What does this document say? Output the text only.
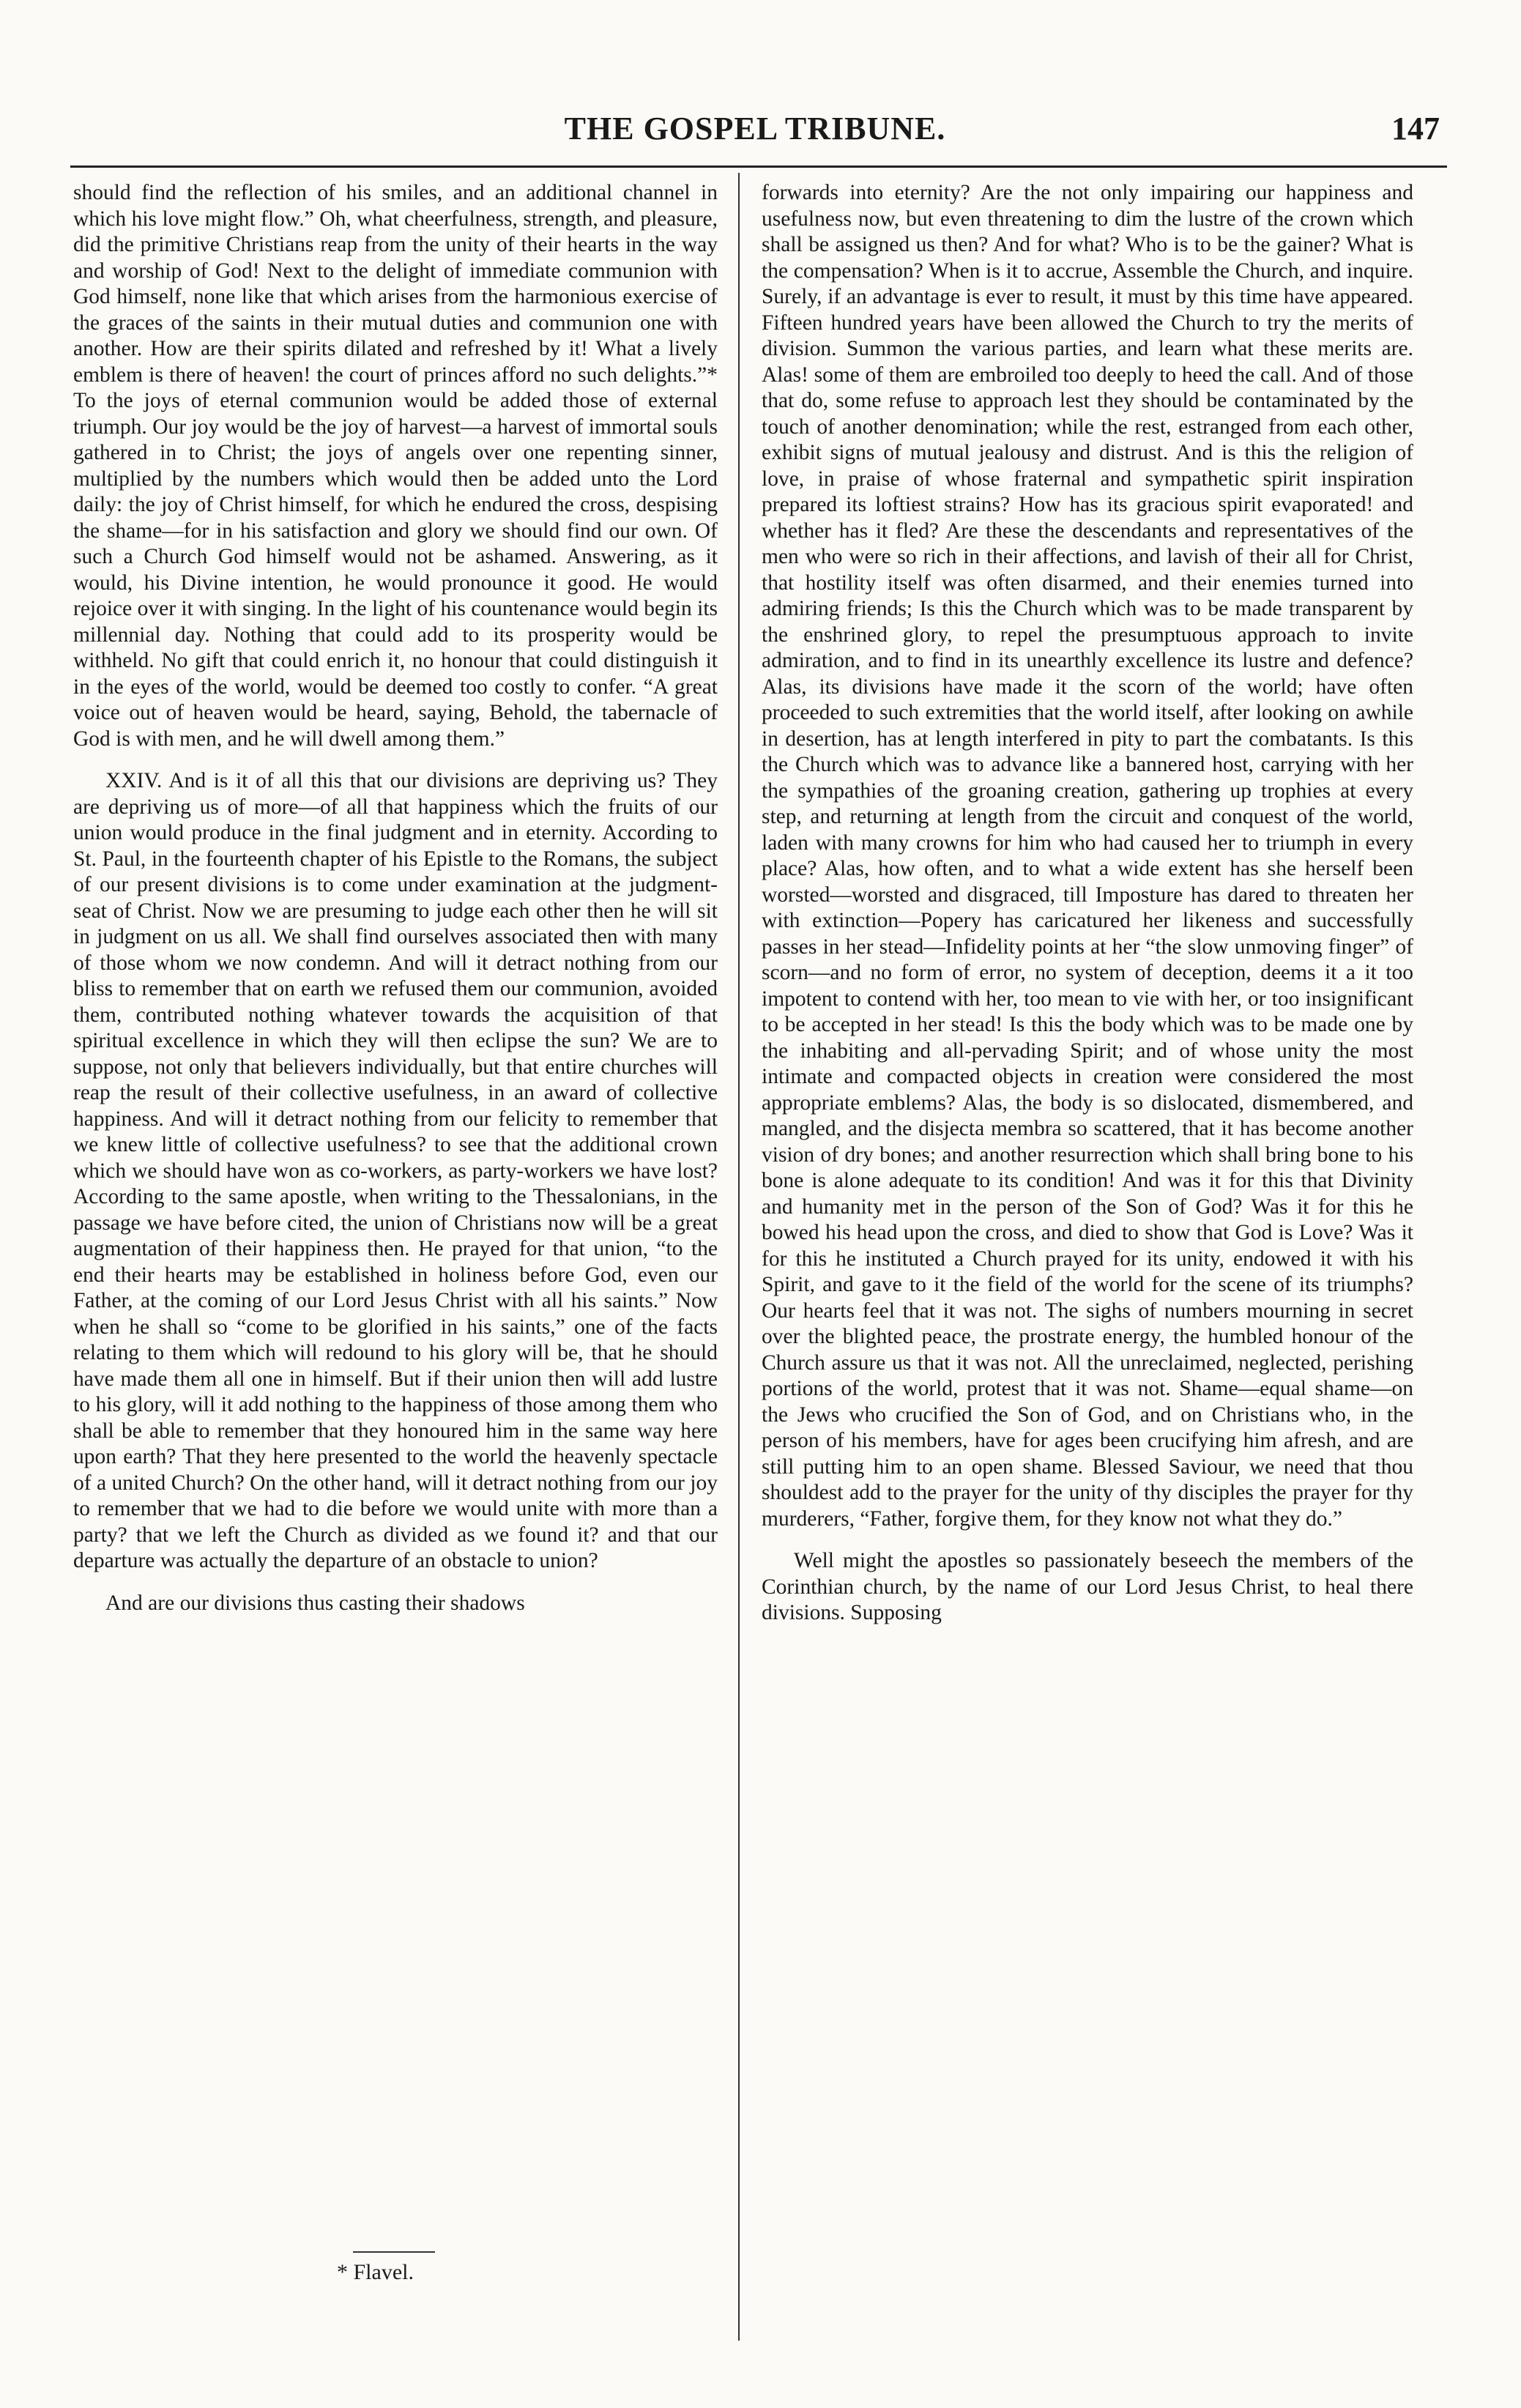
THE GOSPEL TRIBUNE.	147

should find the reflection of his smiles, and an additional channel in which his love might flow.” Oh, what cheerfulness, strength, and pleasure, did the primitive Christians reap from the unity of their hearts in the way and worship of God! Next to the delight of immediate communion with God himself, none like that which arises from the harmonious exercise of the graces of the saints in their mutual duties and communion one with another. How are their spirits dilated and refreshed by it! What a lively emblem is there of heaven! the court of princes afford no such delights.”* To the joys of eternal communion would be added those of external triumph. Our joy would be the joy of harvest—a harvest of immortal souls gathered in to Christ; the joys of angels over one repenting sinner, multiplied by the numbers which would then be added unto the Lord daily: the joy of Christ himself, for which he endured the cross, despising the shame—for in his satisfaction and glory we should find our own. Of such a Church God himself would not be ashamed. Answering, as it would, his Divine intention, he would pronounce it good. He would rejoice over it with singing. In the light of his countenance would begin its millennial day. Nothing that could add to its prosperity would be withheld. No gift that could enrich it, no honour that could distinguish it in the eyes of the world, would be deemed too costly to confer. “A great voice out of heaven would be heard, saying, Behold, the tabernacle of God is with men, and he will dwell among them.”

XXIV. And is it of all this that our divisions are depriving us? They are depriving us of more—of all that happiness which the fruits of our union would produce in the final judgment and in eternity. According to St. Paul, in the fourteenth chapter of his Epistle to the Romans, the subject of our present divisions is to come under examination at the judgment-seat of Christ. Now we are presuming to judge each other then he will sit in judgment on us all. We shall find ourselves associated then with many of those whom we now condemn. And will it detract nothing from our bliss to remember that on earth we refused them our communion, avoided them, contributed nothing whatever towards the acquisition of that spiritual excellence in which they will then eclipse the sun? We are to suppose, not only that believers individually, but that entire churches will reap the result of their collective usefulness, in an award of collective happiness. And will it detract nothing from our felicity to remember that we knew little of collective usefulness? to see that the additional crown which we should have won as co-workers, as party-workers we have lost? According to the same apostle, when writing to the Thessalonians, in the passage we have before cited, the union of Christians now will be a great augmentation of their happiness then. He prayed for that union, “to the end their hearts may be established in holiness before God, even our Father, at the coming of our Lord Jesus Christ with all his saints.” Now when he shall so “come to be glorified in his saints,” one of the facts relating to them which will redound to his glory will be, that he should have made them all one in himself. But if their union then will add lustre to his glory, will it add nothing to the happiness of those among them who shall be able to remember that they honoured him in the same way here upon earth? That they here presented to the world the heavenly spectacle of a united Church? On the other hand, will it detract nothing from our joy to remember that we had to die before we would unite with more than a party? that we left the Church as divided as we found it? and that our departure was actually the departure of an obstacle to union?

And are our divisions thus casting their shadows

forwards into eternity? Are the not only impairing our happiness and usefulness now, but even threatening to dim the lustre of the crown which shall be assigned us then? And for what? Who is to be the gainer? What is the compensation? When is it to accrue, Assemble the Church, and inquire. Surely, if an advantage is ever to result, it must by this time have appeared. Fifteen hundred years have been allowed the Church to try the merits of division. Summon the various parties, and learn what these merits are. Alas! some of them are embroiled too deeply to heed the call. And of those that do, some refuse to approach lest they should be contaminated by the touch of another denomination; while the rest, estranged from each other, exhibit signs of mutual jealousy and distrust. And is this the religion of love, in praise of whose fraternal and sympathetic spirit inspiration prepared its loftiest strains? How has its gracious spirit evaporated! and whether has it fled? Are these the descendants and representatives of the men who were so rich in their affections, and lavish of their all for Christ, that hostility itself was often disarmed, and their enemies turned into admiring friends; Is this the Church which was to be made transparent by the enshrined glory, to repel the presumptuous approach to invite admiration, and to find in its unearthly excellence its lustre and defence? Alas, its divisions have made it the scorn of the world; have often proceeded to such extremities that the world itself, after looking on awhile in desertion, has at length interfered in pity to part the combatants. Is this the Church which was to advance like a bannered host, carrying with her the sympathies of the groaning creation, gathering up trophies at every step, and returning at length from the circuit and conquest of the world, laden with many crowns for him who had caused her to triumph in every place? Alas, how often, and to what a wide extent has she herself been worsted—worsted and disgraced, till Imposture has dared to threaten her with extinction—Popery has caricatured her likeness and successfully passes in her stead—Infidelity points at her “the slow unmoving finger” of scorn—and no form of error, no system of deception, deems it a it too impotent to contend with her, too mean to vie with her, or too insignificant to be accepted in her stead! Is this the body which was to be made one by the inhabiting and all-pervading Spirit; and of whose unity the most intimate and compacted objects in creation were considered the most appropriate emblems? Alas, the body is so dislocated, dismembered, and mangled, and the disjecta membra so scattered, that it has become another vision of dry bones; and another resurrection which shall bring bone to his bone is alone adequate to its condition! And was it for this that Divinity and humanity met in the person of the Son of God? Was it for this he bowed his head upon the cross, and died to show that God is Love? Was it for this he instituted a Church prayed for its unity, endowed it with his Spirit, and gave to it the field of the world for the scene of its triumphs? Our hearts feel that it was not. The sighs of numbers mourning in secret over the blighted peace, the prostrate energy, the humbled honour of the Church assure us that it was not. All the unreclaimed, neglected, perishing portions of the world, protest that it was not. Shame—equal shame—on the Jews who crucified the Son of God, and on Christians who, in the person of his members, have for ages been crucifying him afresh, and are still putting him to an open shame. Blessed Saviour, we need that thou shouldest add to the prayer for the unity of thy disciples the prayer for thy murderers, “Father, forgive them, for they know not what they do.”

Well might the apostles so passionately beseech the members of the Corinthian church, by the name of our Lord Jesus Christ, to heal there divisions. Supposing

* Flavel.
